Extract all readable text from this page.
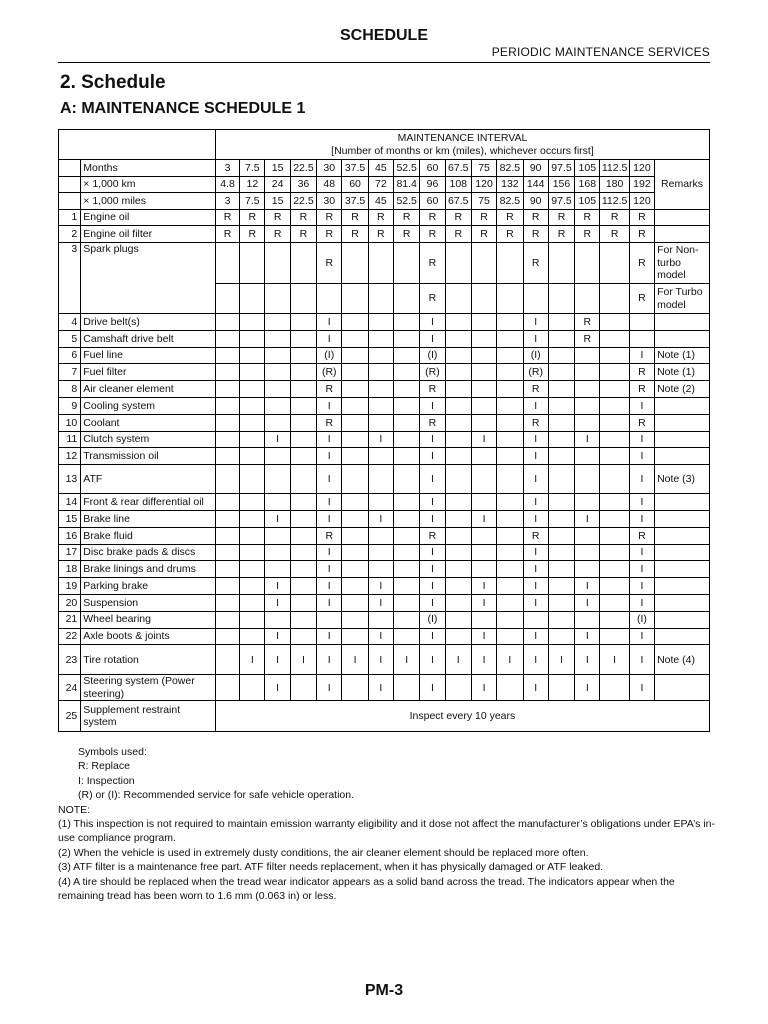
SCHEDULE
PERIODIC MAINTENANCE SERVICES
2. Schedule
A: MAINTENANCE SCHEDULE 1

		MAINTENANCE INTERVAL
[Number of months or km (miles), whichever occurs first]																	

	Months	3	7.5	15	22.5	30	37.5	45	52.5	60	67.5	75	82.5	90	97.5	105	112.5	120	Remarks
	× 1,000 km	4.8	12	24	36	48	60	72	81.4	96	108	120	132	144	156	168	180	192	
	× 1,000 miles	3	7.5	15	22.5	30	37.5	45	52.5	60	67.5	75	82.5	90	97.5	105	112.5	120	
1	Engine oil	R	R	R	R	R	R	R	R	R	R	R	R	R	R	R	R	R	
2	Engine oil filter	R	R	R	R	R	R	R	R	R	R	R	R	R	R	R	R	R	
3	Spark plugs					R				R				R				R	For Non-turbo model
										R								R	For Turbo model
4	Drive belt(s)					I				I				I		R			
5	Camshaft drive belt					I				I				I		R			
6	Fuel line					(I)				(I)				(I)				I	Note (1)
7	Fuel filter					(R)				(R)				(R)				R	Note (1)
8	Air cleaner element					R				R				R				R	Note (2)
9	Cooling system					I				I				I				I	
10	Coolant					R				R				R				R	
11	Clutch system			I		I		I		I		I		I		I		I	
12	Transmission oil					I				I				I				I	
13	ATF					I				I				I				I	Note (3)
14	Front & rear differential oil					I				I				I				I	
15	Brake line			I		I		I		I		I		I		I		I	
16	Brake fluid					R				R				R				R	
17	Disc brake pads & discs					I				I				I				I	
18	Brake linings and drums					I				I				I				I	
19	Parking brake			I		I		I		I		I		I		I		I	
20	Suspension			I		I		I		I		I		I		I		I	
21	Wheel bearing									(I)								(I)	
22	Axle boots & joints			I		I		I		I		I		I		I		I	
23	Tire rotation		I	I	I	I	I	I	I	I	I	I	I	I	I	I	I	I	Note (4)
24	Steering system (Power steering)			I		I		I		I		I		I		I		I	
25	Supplement restraint system	Inspect every 10 years																	
Symbols used:
R: Replace
I: Inspection
(R) or (I): Recommended service for safe vehicle operation.
NOTE:
(1) This inspection is not required to maintain emission warranty eligibility and it dose not affect the manufacturer’s obligations under EPA’s in-use compliance program.
(2) When the vehicle is used in extremely dusty conditions, the air cleaner element should be replaced more often.
(3) ATF filter is a maintenance free part. ATF filter needs replacement, when it has physically damaged or ATF leaked.
(4) A tire should be replaced when the tread wear indicator appears as a solid band across the tread. The indicators appear when the remaining tread has been worn to 1.6 mm (0.063 in) or less.
PM-3
